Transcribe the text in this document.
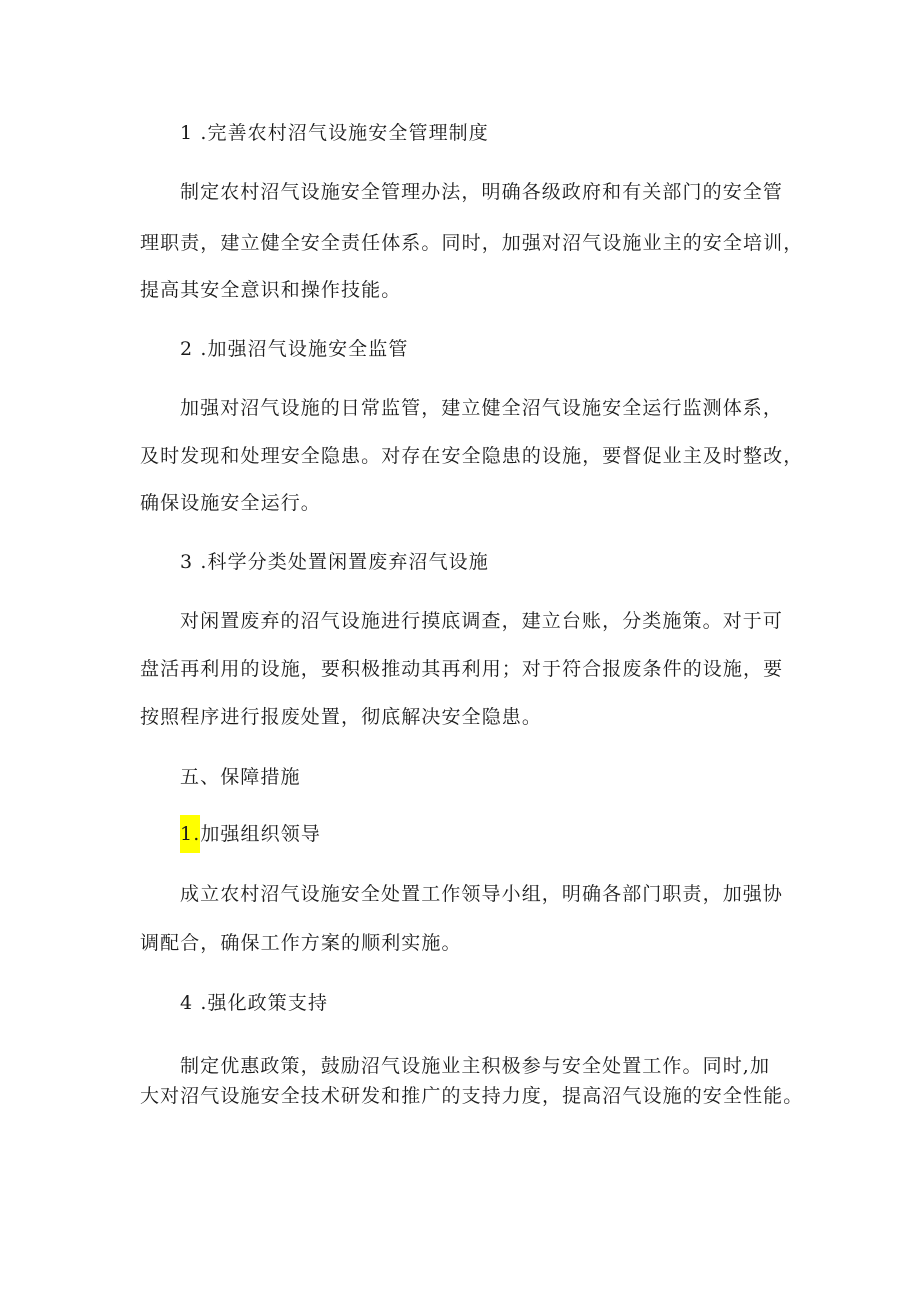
1 .完善农村沼气设施安全管理制度
制定农村沼气设施安全管理办法，明确各级政府和有关部门的安全管
理职责，建立健全安全责任体系。同时，加强对沼气设施业主的安全培训，
提高其安全意识和操作技能。
2 .加强沼气设施安全监管
加强对沼气设施的日常监管，建立健全沼气设施安全运行监测体系，
及时发现和处理安全隐患。对存在安全隐患的设施，要督促业主及时整改，
确保设施安全运行。
3 .科学分类处置闲置废弃沼气设施
对闲置废弃的沼气设施进行摸底调查，建立台账，分类施策。对于可
盘活再利用的设施，要积极推动其再利用；对于符合报废条件的设施，要
按照程序进行报废处置，彻底解决安全隐患。
五、保障措施
1.加强组织领导
成立农村沼气设施安全处置工作领导小组，明确各部门职责，加强协
调配合，确保工作方案的顺利实施。
4 .强化政策支持
制定优惠政策，鼓励沼气设施业主积极参与安全处置工作。同时,加
大对沼气设施安全技术研发和推广的支持力度，提高沼气设施的安全性能。
